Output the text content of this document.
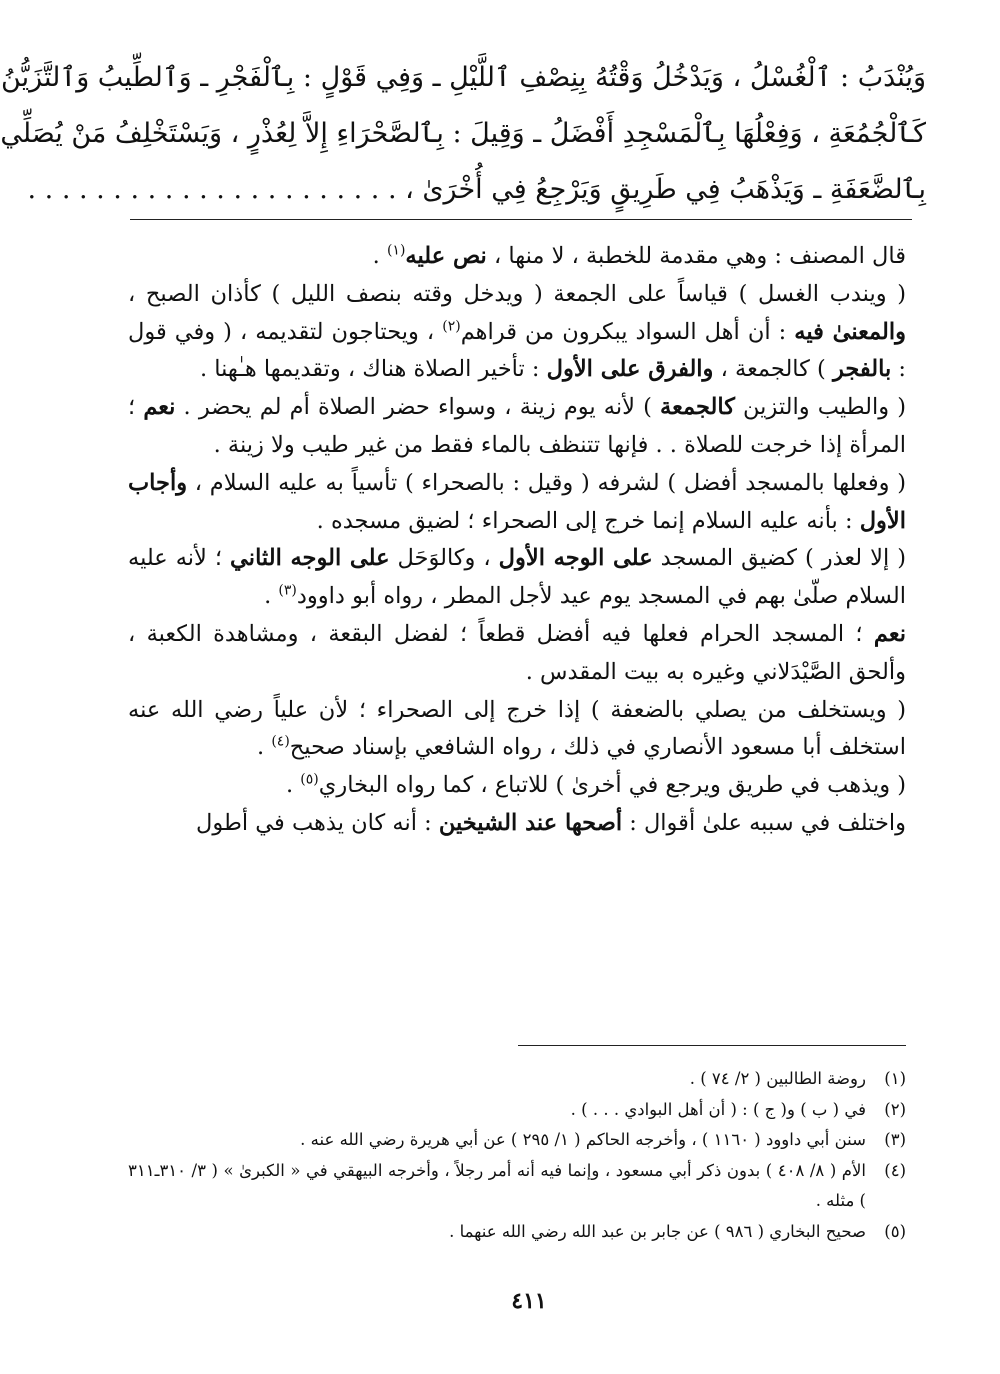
وَيُنْدَبُ : ٱلْغُسْلُ ، وَيَدْخُلُ وَقْتُهُ بِنِصْفِ ٱللَّيْلِ ـ وَفِي قَوْلٍ : بِٱلْفَجْرِ ـ وَٱلطِّيبُ وَٱلتَّزَيُّنُ
كَٱلْجُمُعَةِ ، وَفِعْلُهَا بِٱلْمَسْجِدِ أَفْضَلُ ـ وَقِيلَ : بِٱلصَّحْرَاءِ إِلاَّ لِعُذْرٍ ، وَيَسْتَخْلِفُ مَنْ يُصَلِّي
بِٱلضَّعَفَةِ ـ وَيَذْهَبُ فِي طَرِيقٍ وَيَرْجِعُ فِي أُخْرَىٰ ، . . . . . . . . . . . . . . . . . . . . . .

قال المصنف : وهي مقدمة للخطبة ، لا منها ، نص عليه$^{(١)}$ .

( ويندب الغسل ) قياساً على الجمعة ( ويدخل وقته بنصف الليل ) كأذان الصبح ، والمعنىٰ فيه : أن أهل السواد يبكرون من قراهم$^{(٢)}$ ، ويحتاجون لتقديمه ، ( وفي قول : بالفجر ) كالجمعة ، والفرق على الأول : تأخير الصلاة هناك ، وتقديمها هـٰهنا .

( والطيب والتزين كالجمعة ) لأنه يوم زينة ، وسواء حضر الصلاة أم لم يحضر . نعم ؛ المرأة إذا خرجت للصلاة . . فإنها تتنظف بالماء فقط من غير طيب ولا زينة .

( وفعلها بالمسجد أفضل ) لشرفه ( وقيل : بالصحراء ) تأسياً به عليه السلام ، وأجاب الأول : بأنه عليه السلام إنما خرج إلى الصحراء ؛ لضيق مسجده .

( إلا لعذر ) كضيق المسجد على الوجه الأول ، وكالوَحَل على الوجه الثاني ؛ لأنه عليه السلام صلّىٰ بهم في المسجد يوم عيد لأجل المطر ، رواه أبو داوود$^{(٣)}$ .

نعم ؛ المسجد الحرام فعلها فيه أفضل قطعاً ؛ لفضل البقعة ، ومشاهدة الكعبة ، وألحق الصَّيْدَلاني وغيره به بيت المقدس .

( ويستخلف من يصلي بالضعفة ) إذا خرج إلى الصحراء ؛ لأن علياً رضي الله عنه استخلف أبا مسعود الأنصاري في ذلك ، رواه الشافعي بإسناد صحيح$^{(٤)}$ .

( ويذهب في طريق ويرجع في أخرىٰ ) للاتباع ، كما رواه البخاري$^{(٥)}$ .

واختلف في سببه علىٰ أقوال : أصحها عند الشيخين : أنه كان يذهب في أطول

(١)
روضة الطالبين ( ٢/ ٧٤ ) .
(٢)
في ( ب ) و( ج ) : ( أن أهل البوادي . . . ) .
(٣)
سنن أبي داوود ( ١١٦٠ ) ، وأخرجه الحاكم ( ١/ ٢٩٥ ) عن أبي هريرة رضي الله عنه .
(٤)
الأم ( ٨/ ٤٠٨ ) بدون ذكر أبي مسعود ، وإنما فيه أنه أمر رجلاً ، وأخرجه البيهقي في « الكبرىٰ » ( ٣/ ٣١٠ـ٣١١ ) مثله .
(٥)
صحيح البخاري ( ٩٨٦ ) عن جابر بن عبد الله رضي الله عنهما .
٤١١
